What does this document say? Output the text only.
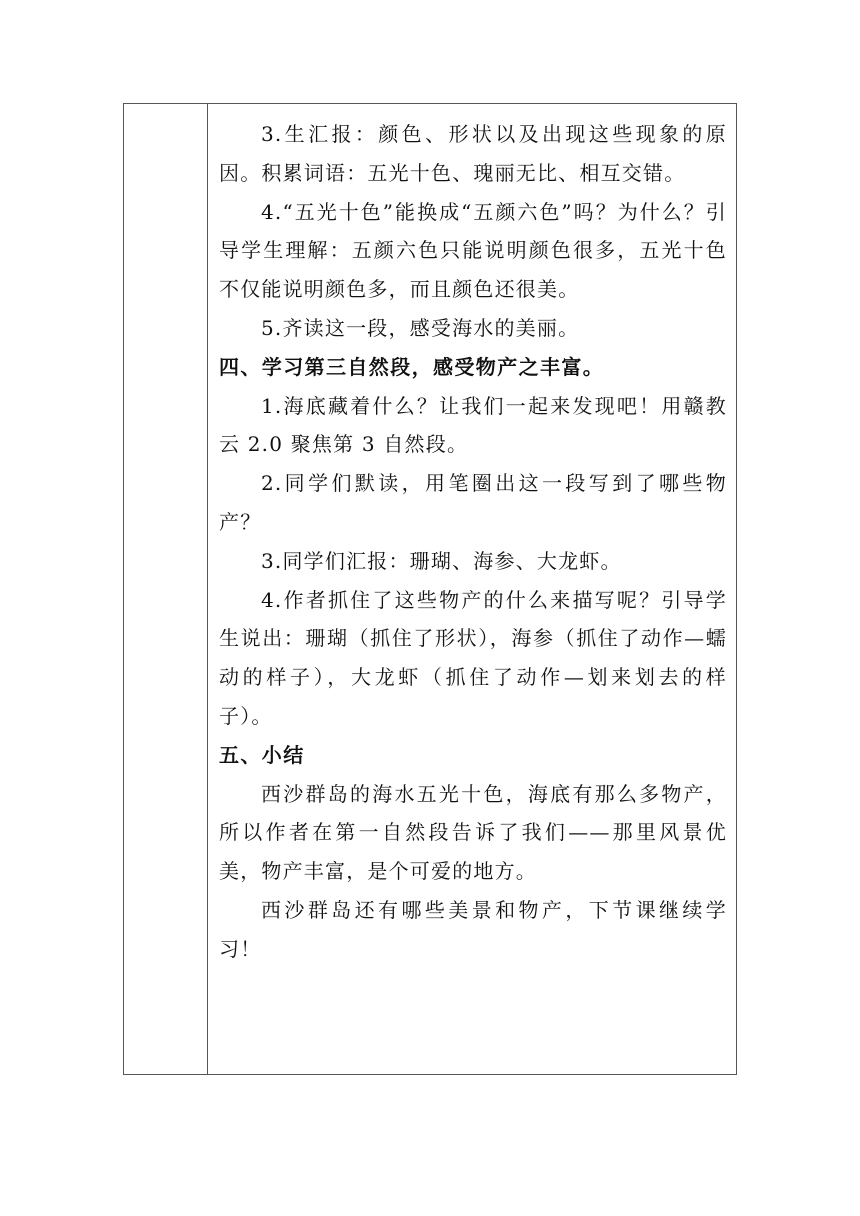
3.生汇报：颜色、形状以及出现这些现象的原因。积累词语：五光十色、瑰丽无比、相互交错。

4.“五光十色”能换成“五颜六色”吗？为什么？引导学生理解：五颜六色只能说明颜色很多，五光十色不仅能说明颜色多，而且颜色还很美。

5.齐读这一段，感受海水的美丽。

四、学习第三自然段，感受物产之丰富。

1.海底藏着什么？让我们一起来发现吧！用赣教云 2.0 聚焦第 3 自然段。

2.同学们默读，用笔圈出这一段写到了哪些物产？

3.同学们汇报：珊瑚、海参、大龙虾。

4.作者抓住了这些物产的什么来描写呢？引导学生说出：珊瑚（抓住了形状），海参（抓住了动作—蠕动的样子），大龙虾（抓住了动作—划来划去的样子）。

五、小结

西沙群岛的海水五光十色，海底有那么多物产，所以作者在第一自然段告诉了我们——那里风景优美，物产丰富，是个可爱的地方。

西沙群岛还有哪些美景和物产，下节课继续学习！
